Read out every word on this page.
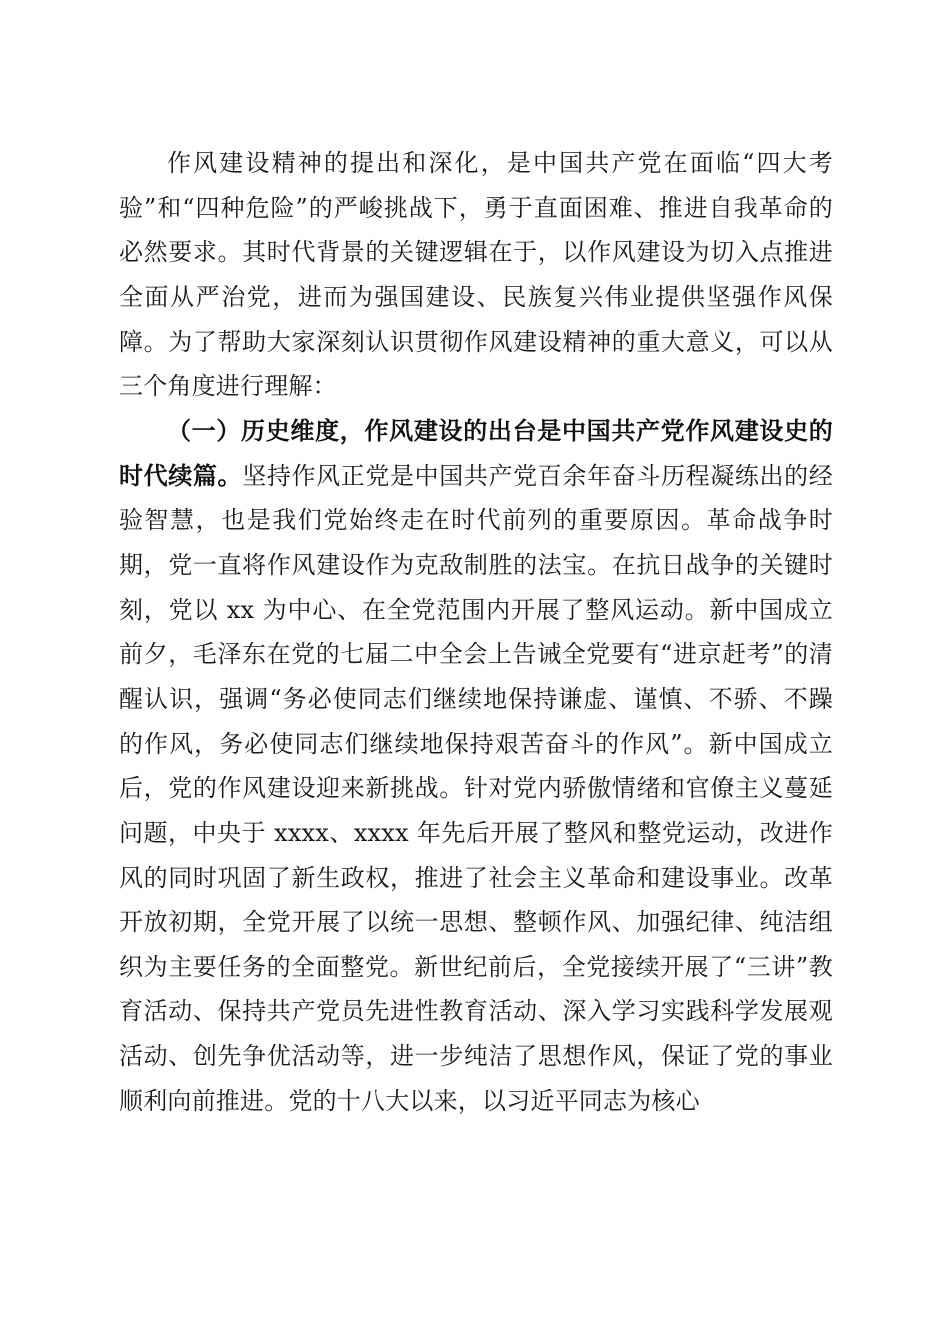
作风建设精神的提出和深化，是中国共产党在面临“四大考验”和“四种危险”的严峻挑战下，勇于直面困难、推进自我革命的必然要求。其时代背景的关键逻辑在于，以作风建设为切入点推进全面从严治党，进而为强国建设、民族复兴伟业提供坚强作风保障。为了帮助大家深刻认识贯彻作风建设精神的重大意义，可以从三个角度进行理解：

（一）历史维度，作风建设的出台是中国共产党作风建设史的时代续篇。坚持作风正党是中国共产党百余年奋斗历程凝练出的经验智慧，也是我们党始终走在时代前列的重要原因。革命战争时期，党一直将作风建设作为克敌制胜的法宝。在抗日战争的关键时刻，党以 xx 为中心、在全党范围内开展了整风运动。新中国成立前夕，毛泽东在党的七届二中全会上告诫全党要有“进京赶考”的清醒认识，强调“务必使同志们继续地保持谦虚、谨慎、不骄、不躁的作风，务必使同志们继续地保持艰苦奋斗的作风”。新中国成立后，党的作风建设迎来新挑战。针对党内骄傲情绪和官僚主义蔓延问题，中央于 xxxx、xxxx 年先后开展了整风和整党运动，改进作风的同时巩固了新生政权，推进了社会主义革命和建设事业。改革开放初期，全党开展了以统一思想、整顿作风、加强纪律、纯洁组织为主要任务的全面整党。新世纪前后，全党接续开展了“三讲”教育活动、保持共产党员先进性教育活动、深入学习实践科学发展观活动、创先争优活动等，进一步纯洁了思想作风，保证了党的事业顺利向前推进。党的十八大以来，以习近平同志为核心
